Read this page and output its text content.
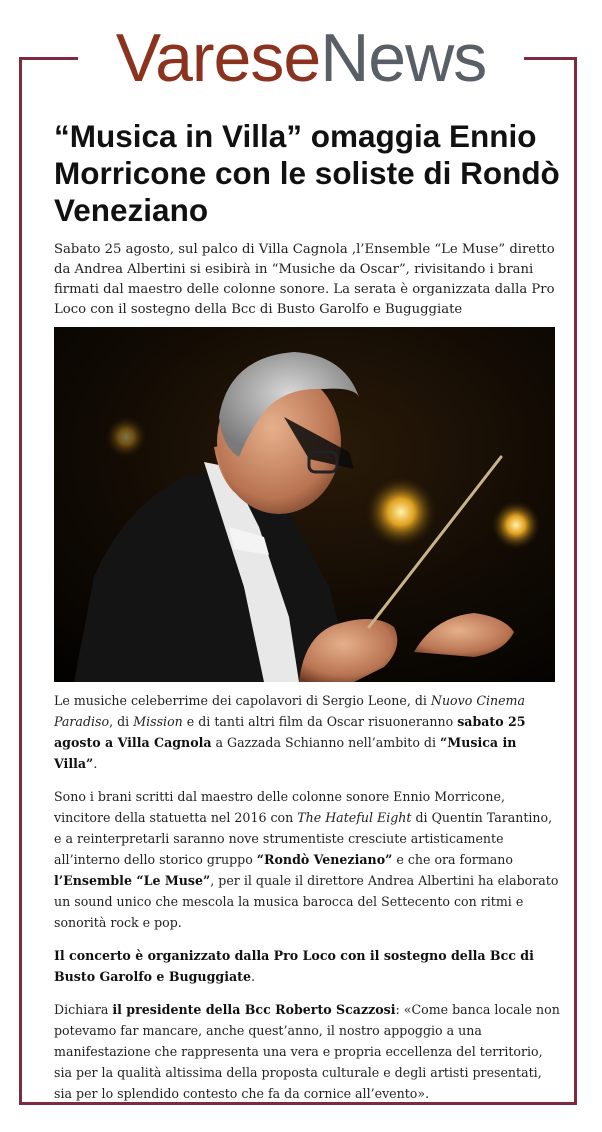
VareseNews
“Musica in Villa” omaggia Ennio Morricone con le soliste di Rondò Veneziano

Sabato 25 agosto, sul palco di Villa Cagnola ,l’Ensemble “Le Muse” diretto da Andrea Albertini si esibirà in “Musiche da Oscar”, rivisitando i brani firmati dal maestro delle colonne sonore. La serata è organizzata dalla Pro Loco con il sostegno della Bcc di Busto Garolfo e Buguggiate

Le musiche celeberrime dei capolavori di Sergio Leone, di Nuovo Cinema Paradiso, di Mission e di tanti altri film da Oscar risuoneranno sabato 25 agosto a Villa Cagnola a Gazzada Schianno nell’ambito di “Musica in Villa”.

Sono i brani scritti dal maestro delle colonne sonore Ennio Morricone, vincitore della statuetta nel 2016 con The Hateful Eight di Quentin Tarantino, e a reinterpretarli saranno nove strumentiste cresciute artisticamente all’interno dello storico gruppo “Rondò Veneziano” e che ora formano l’Ensemble “Le Muse”, per il quale il direttore Andrea Albertini ha elaborato un sound unico che mescola la musica barocca del Settecento con ritmi e sonorità rock e pop.

Il concerto è organizzato dalla Pro Loco con il sostegno della Bcc di Busto Garolfo e Buguggiate.

Dichiara il presidente della Bcc Roberto Scazzosi: «Come banca locale non potevamo far mancare, anche quest’anno, il nostro appoggio a una manifestazione che rappresenta una vera e propria eccellenza del territorio, sia per la qualità altissima della proposta culturale e degli artisti presentati, sia per lo splendido contesto che fa da cornice all’evento».
